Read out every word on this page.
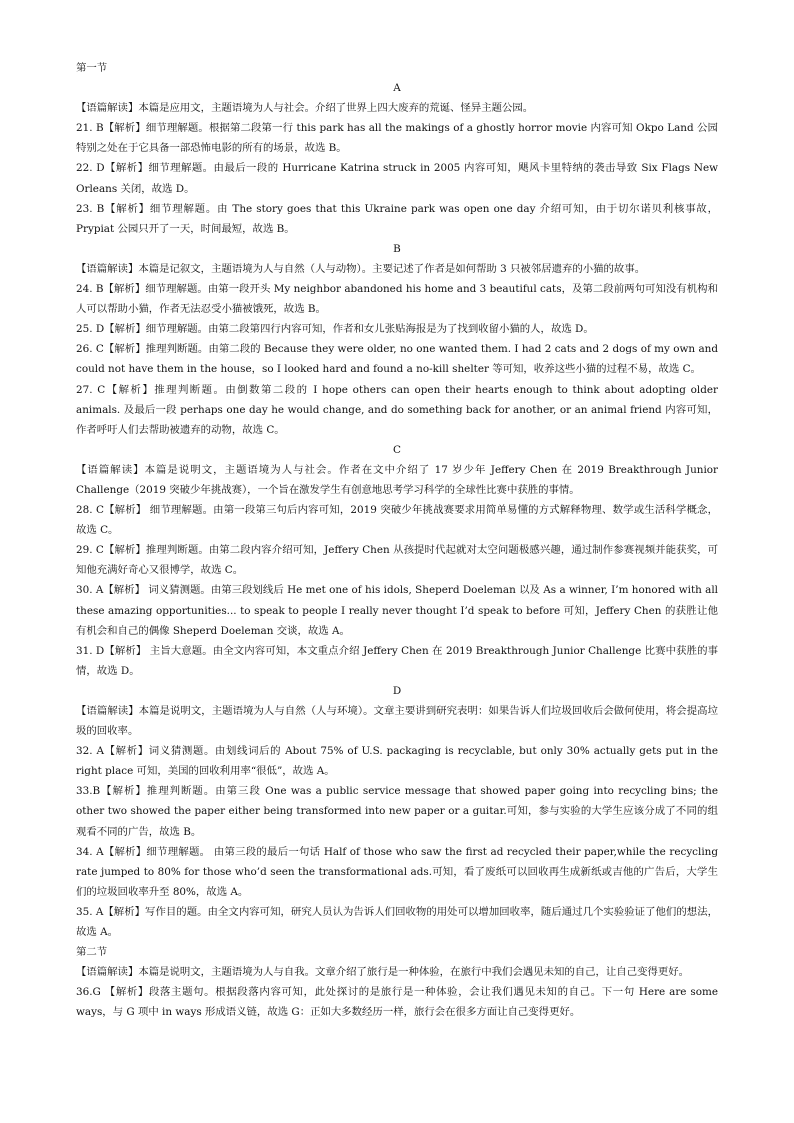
第一节

A

【语篇解读】本篇是应用文，主题语境为人与社会。介绍了世界上四大废弃的荒诞、怪异主题公园。

21. B【解析】细节理解题。根据第二段第一行 this park has all the makings of a ghostly horror movie 内容可知 Okpo Land 公园特别之处在于它具备一部恐怖电影的所有的场景，故选 B。

22. D【解析】细节理解题。由最后一段的 Hurricane Katrina struck in 2005 内容可知，飓风卡里特纳的袭击导致 Six Flags New Orleans 关闭，故选 D。

23. B【解析】细节理解题。由 The story goes that this Ukraine park was open one day 介绍可知，由于切尔诺贝利核事故，Prypiat 公园只开了一天，时间最短，故选 B。

B

【语篇解读】本篇是记叙文，主题语境为人与自然（人与动物）。主要记述了作者是如何帮助 3 只被邻居遗弃的小猫的故事。

24. B【解析】细节理解题。由第一段开头 My neighbor abandoned his home and 3 beautiful cats，及第二段前两句可知没有机构和人可以帮助小猫，作者无法忍受小猫被饿死，故选 B。

25. D【解析】细节理解题。由第二段第四行内容可知，作者和女儿张贴海报是为了找到收留小猫的人，故选 D。

26. C【解析】推理判断题。由第二段的 Because they were older, no one wanted them. I had 2 cats and 2 dogs of my own and could not have them in the house，so I looked hard and found a no-kill shelter 等可知，收养这些小猫的过程不易，故选 C。

27. C【解析】推理判断题。由倒数第二段的 I hope others can open their hearts enough to think about adopting older animals. 及最后一段 perhaps one day he would change, and do something back for another, or an animal friend 内容可知，作者呼吁人们去帮助被遗弃的动物，故选 C。

C

【语篇解读】本篇是说明文，主题语境为人与社会。作者在文中介绍了 17 岁少年 Jeffery Chen 在 2019 Breakthrough Junior Challenge（2019 突破少年挑战赛），一个旨在激发学生有创意地思考学习科学的全球性比赛中获胜的事情。

28. C【解析】 细节理解题。由第一段第三句后内容可知，2019 突破少年挑战赛要求用简单易懂的方式解释物理、数学或生活科学概念，故选 C。

29. C【解析】推理判断题。由第二段内容介绍可知，Jeffery Chen 从孩提时代起就对太空问题极感兴趣，通过制作参赛视频并能获奖，可知他充满好奇心又很博学，故选 C。

30. A【解析】 词义猜测题。由第三段划线后 He met one of his idols, Sheperd Doeleman 以及 As a winner, I’m honored with all these amazing opportunities... to speak to people I really never thought I’d speak to before 可知，Jeffery Chen 的获胜让他有机会和自己的偶像 Sheperd Doeleman 交谈，故选 A。

31. D【解析】 主旨大意题。由全文内容可知，本文重点介绍 Jeffery Chen 在 2019 Breakthrough Junior Challenge 比赛中获胜的事情，故选 D。

D

【语篇解读】本篇是说明文，主题语境为人与自然（人与环境）。文章主要讲到研究表明：如果告诉人们垃圾回收后会做何使用，将会提高垃圾的回收率。

32. A【解析】词义猜测题。由划线词后的 About 75% of U.S. packaging is recyclable, but only 30% actually gets put in the right place 可知，美国的回收利用率“很低”，故选 A。

33.B【解析】推理判断题。由第三段 One was a public service message that showed paper going into recycling bins; the other two showed the paper either being transformed into new paper or a guitar.可知，参与实验的大学生应该分成了不同的组观看不同的广告，故选 B。

34. A【解析】细节理解题。 由第三段的最后一句话 Half of those who saw the first ad recycled their paper,while the recycling rate jumped to 80% for those who’d seen the transformational ads.可知，看了废纸可以回收再生成新纸或吉他的广告后，大学生们的垃圾回收率升至 80%，故选 A。

35. A【解析】写作目的题。由全文内容可知，研究人员认为告诉人们回收物的用处可以增加回收率，随后通过几个实验验证了他们的想法，故选 A。

第二节

【语篇解读】本篇是说明文，主题语境为人与自我。文章介绍了旅行是一种体验，在旅行中我们会遇见未知的自己，让自己变得更好。

36.G 【解析】段落主题句。根据段落内容可知，此处探讨的是旅行是一种体验，会让我们遇见未知的自己。下一句 Here are some ways，与 G 项中 in ways 形成语义链，故选 G：正如大多数经历一样，旅行会在很多方面让自己变得更好。
